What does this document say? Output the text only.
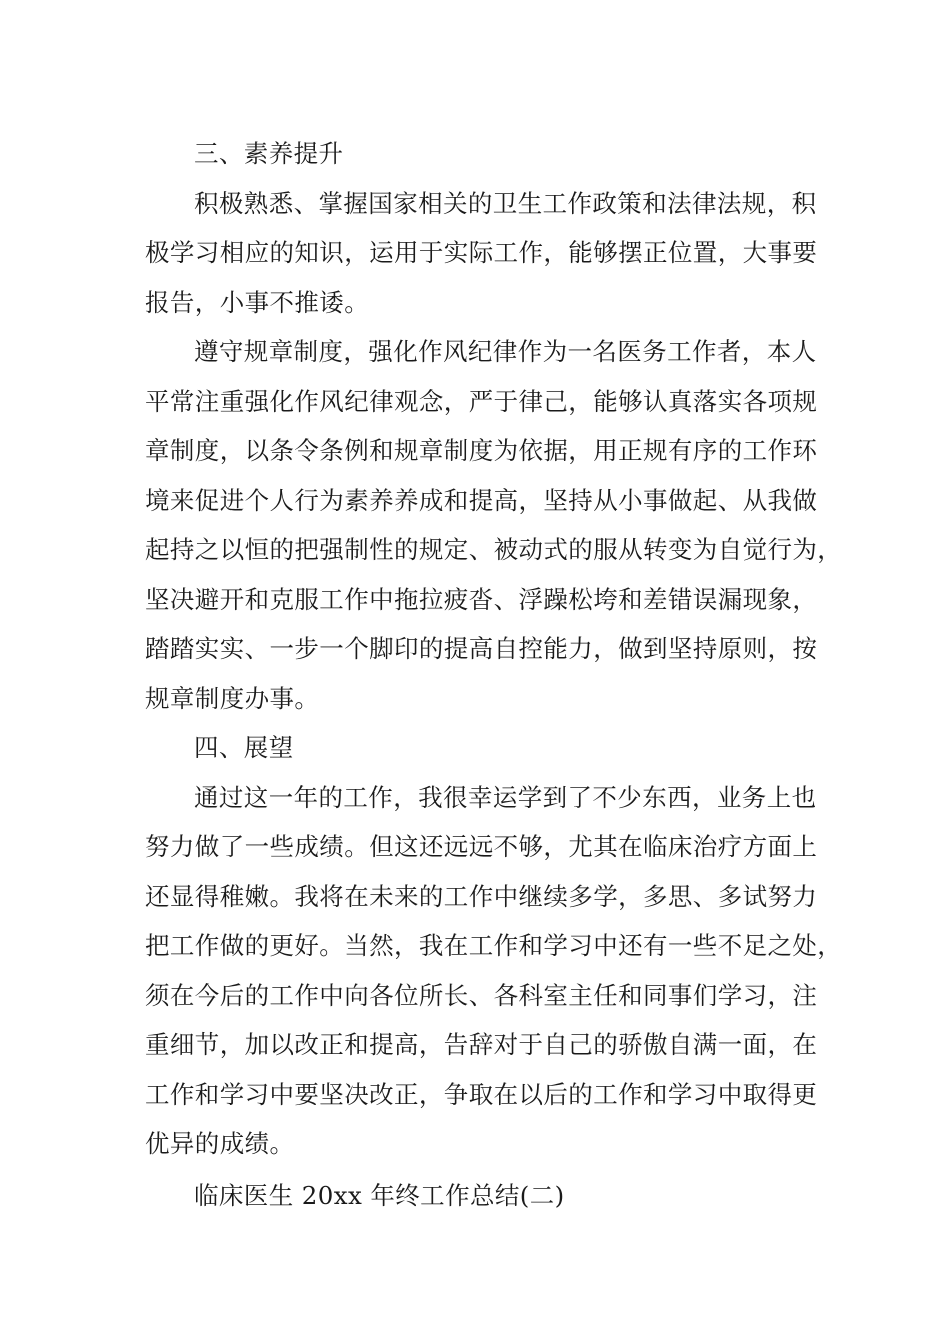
三、素养提升
积极熟悉、掌握国家相关的卫生工作政策和法律法规，积
极学习相应的知识，运用于实际工作，能够摆正位置，大事要
报告，小事不推诿。
遵守规章制度，强化作风纪律作为一名医务工作者，本人
平常注重强化作风纪律观念，严于律己，能够认真落实各项规
章制度，以条令条例和规章制度为依据，用正规有序的工作环
境来促进个人行为素养养成和提高，坚持从小事做起、从我做
起持之以恒的把强制性的规定、被动式的服从转变为自觉行为，
坚决避开和克服工作中拖拉疲沓、浮躁松垮和差错误漏现象，
踏踏实实、一步一个脚印的提高自控能力，做到坚持原则，按
规章制度办事。
四、展望
通过这一年的工作，我很幸运学到了不少东西，业务上也
努力做了一些成绩。但这还远远不够，尤其在临床治疗方面上
还显得稚嫩。我将在未来的工作中继续多学，多思、多试努力
把工作做的更好。当然，我在工作和学习中还有一些不足之处，
须在今后的工作中向各位所长、各科室主任和同事们学习，注
重细节，加以改正和提高，告辞对于自己的骄傲自满一面，在
工作和学习中要坚决改正，争取在以后的工作和学习中取得更
优异的成绩。
临床医生 20xx 年终工作总结(二)
